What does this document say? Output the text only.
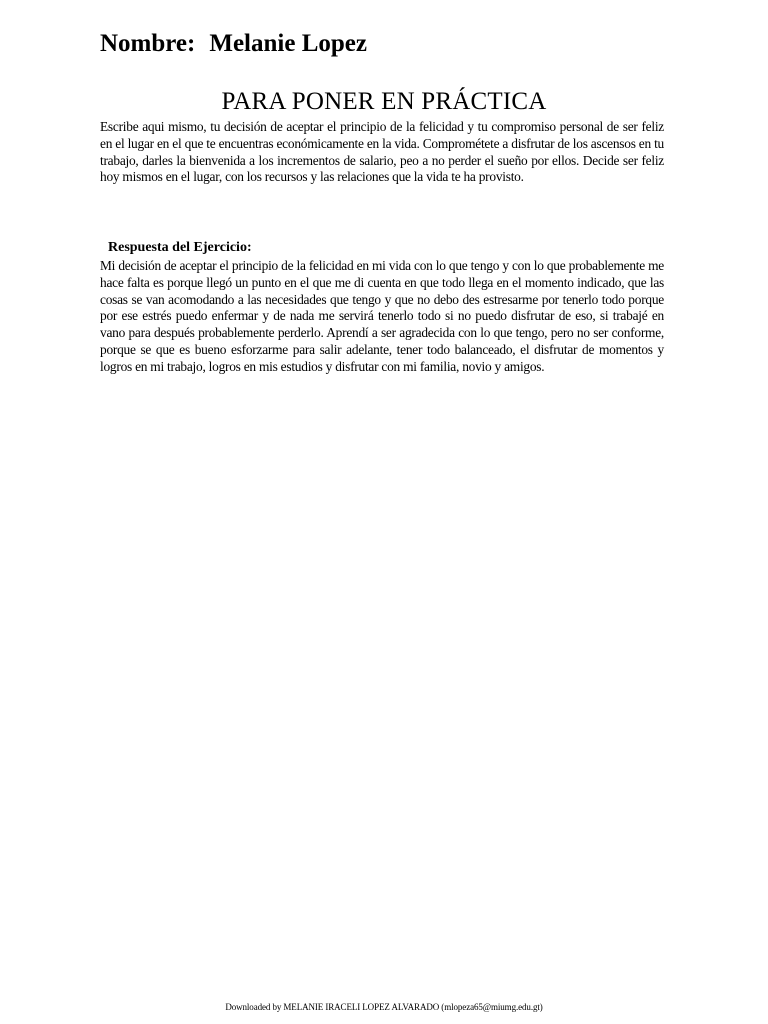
Nombre: Melanie Lopez
PARA PONER EN PRÁCTICA
Escribe aqui mismo, tu decisión de aceptar el principio de la felicidad y tu compromiso personal de ser feliz en el lugar en el que te encuentras económicamente en la vida. Comprométete a disfrutar de los ascensos en tu trabajo, darles la bienvenida a los incrementos de salario, peo a no perder el sueño por ellos. Decide ser feliz hoy mismos en el lugar, con los recursos y las relaciones que la vida te ha provisto.
Respuesta del Ejercicio:
Mi decisión de aceptar el principio de la felicidad en mi vida con lo que tengo y con lo que probablemente me hace falta es porque llegó un punto en el que me di cuenta en que todo llega en el momento indicado, que las cosas se van acomodando a las necesidades que tengo y que no debo des estresarme por tenerlo todo porque por ese estrés puedo enfermar y de nada me servirá tenerlo todo si no puedo disfrutar de eso, si trabajé en vano para después probablemente perderlo. Aprendí a ser agradecida con lo que tengo, pero no ser conforme, porque se que es bueno esforzarme para salir adelante, tener todo balanceado, el disfrutar de momentos y logros en mi trabajo, logros en mis estudios y disfrutar con mi familia, novio y amigos.
Downloaded by MELANIE IRACELI LOPEZ ALVARADO (mlopeza65@miumg.edu.gt)
